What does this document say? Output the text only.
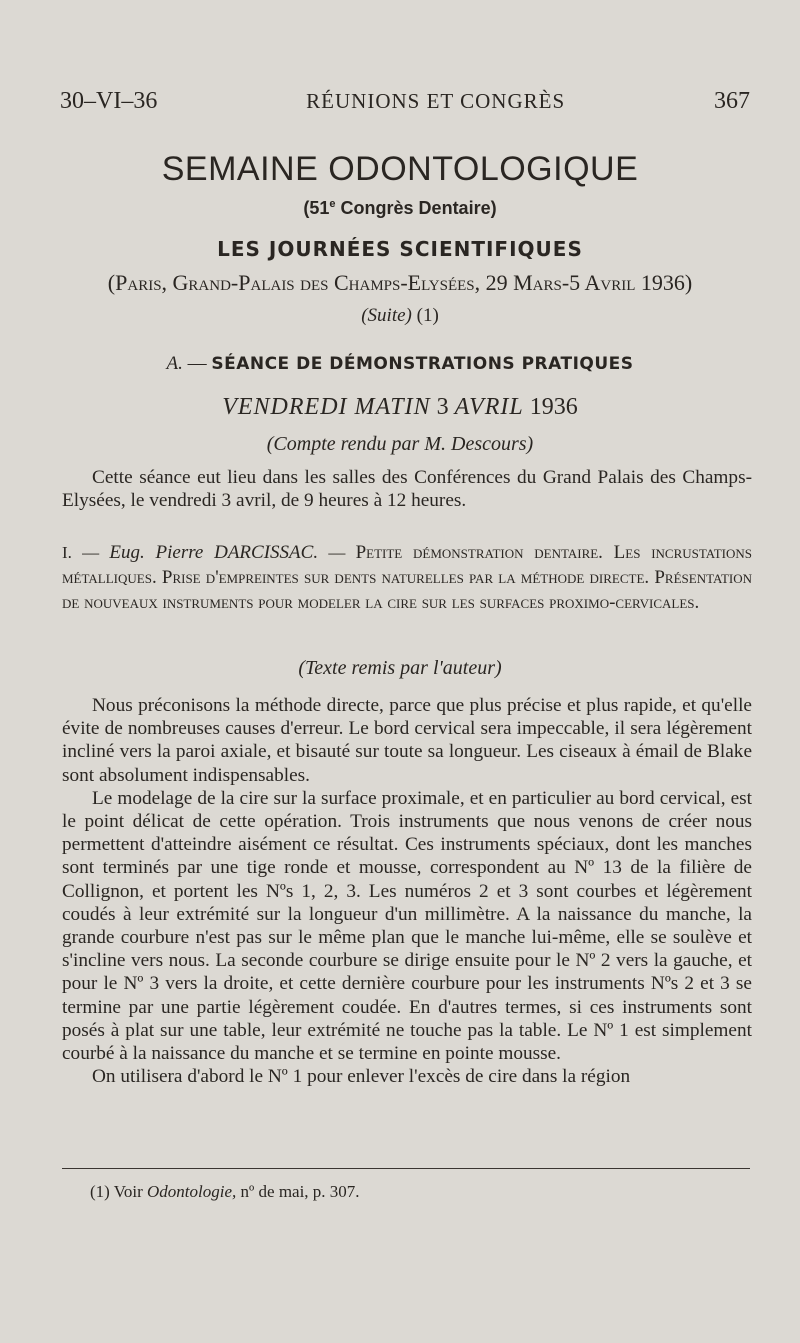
30–VI–36	RÉUNIONS ET CONGRÈS	367
SEMAINE ODONTOLOGIQUE
(51e Congrès Dentaire)
LES JOURNÉES SCIENTIFIQUES
(Paris, Grand-Palais des Champs-Elysées, 29 Mars-5 Avril 1936)
(Suite) (1)
A. — SÉANCE DE DÉMONSTRATIONS PRATIQUES
VENDREDI MATIN 3 AVRIL 1936
(Compte rendu par M. Descours)

Cette séance eut lieu dans les salles des Conférences du Grand Palais des Champs-Elysées, le vendredi 3 avril, de 9 heures à 12 heures.

I. — Eug. Pierre DARCISSAC. — Petite démonstration dentaire. Les incrustations métalliques. Prise d'empreintes sur dents naturelles par la méthode directe. Présentation de nouveaux instruments pour modeler la cire sur les surfaces proximo-cervicales.
(Texte remis par l'auteur)

Nous préconisons la méthode directe, parce que plus précise et plus rapide, et qu'elle évite de nombreuses causes d'erreur. Le bord cervical sera impeccable, il sera légèrement incliné vers la paroi axiale, et bisauté sur toute sa longueur. Les ciseaux à émail de Blake sont absolument indispensables.

Le modelage de la cire sur la surface proximale, et en particulier au bord cervical, est le point délicat de cette opération. Trois instruments que nous venons de créer nous permettent d'atteindre aisément ce résultat. Ces instruments spéciaux, dont les manches sont terminés par une tige ronde et mousse, correspondent au Nº 13 de la filière de Collignon, et portent les Nºs 1, 2, 3. Les numéros 2 et 3 sont courbes et légèrement coudés à leur extrémité sur la longueur d'un millimètre. A la naissance du manche, la grande courbure n'est pas sur le même plan que le manche lui-même, elle se soulève et s'incline vers nous. La seconde courbure se dirige ensuite pour le Nº 2 vers la gauche, et pour le Nº 3 vers la droite, et cette dernière courbure pour les instruments Nºs 2 et 3 se termine par une partie légèrement coudée. En d'autres termes, si ces instruments sont posés à plat sur une table, leur extrémité ne touche pas la table. Le Nº 1 est simplement courbé à la naissance du manche et se termine en pointe mousse.

On utilisera d'abord le Nº 1 pour enlever l'excès de cire dans la région

(1) Voir Odontologie, nº de mai, p. 307.
